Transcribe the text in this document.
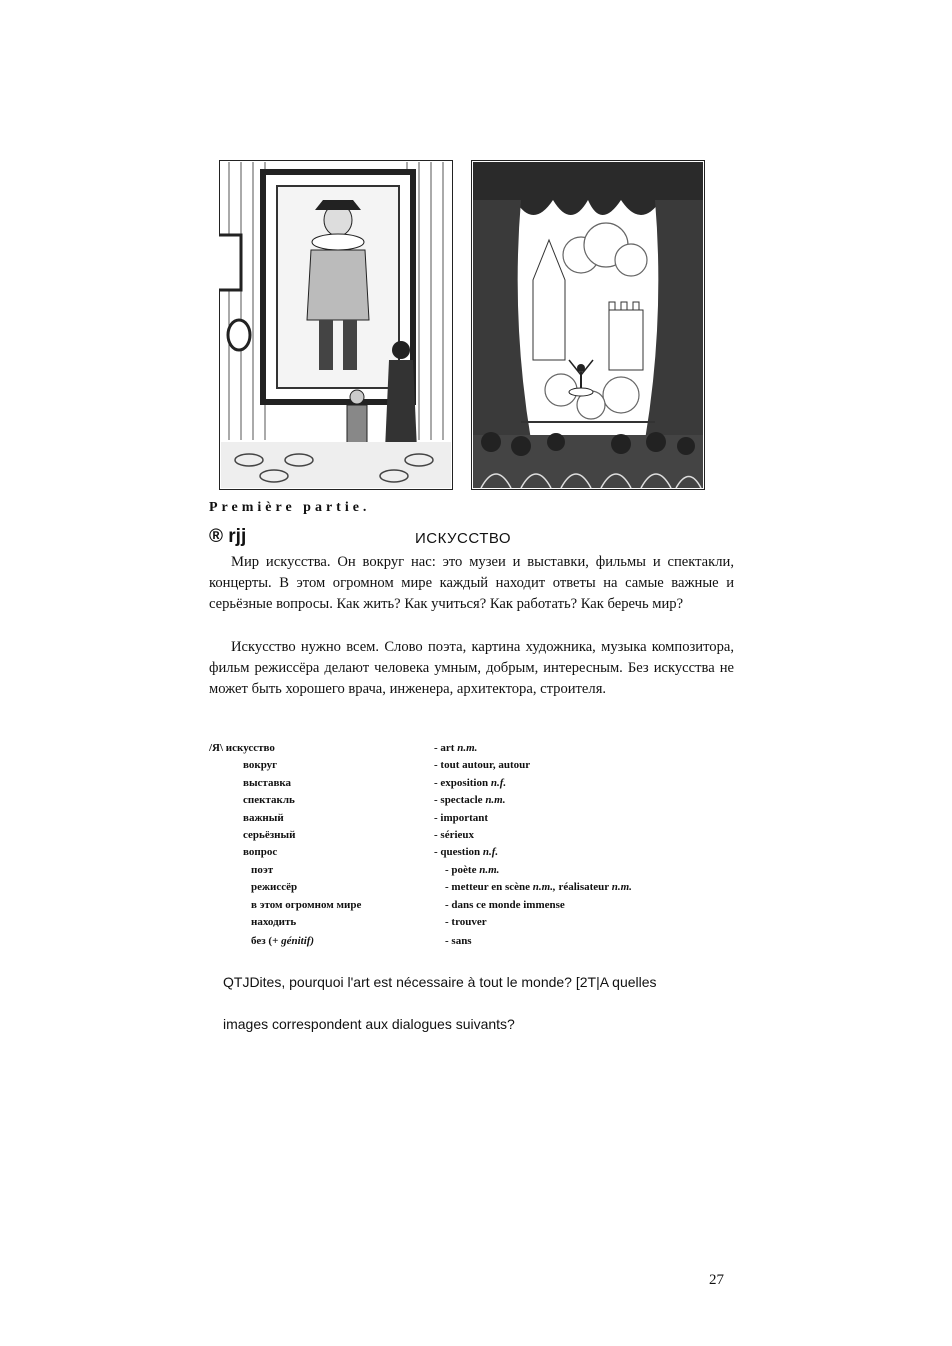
Première partie.
® rjj	ИСКУССТВО

Мир искусства. Он вокруг нас: это музеи и выставки, фильмы и спектакли, концерты. В этом огромном мире каждый находит ответы на самые важные и серьёзные вопросы. Как жить? Как учиться? Как работать? Как беречь мир?

Искусство нужно всем. Слово поэта, картина художника, музыка композитора, фильм режиссёра делают человека умным, добрым, интересным. Без искусства не может быть хорошего врача, инженера, архитектора, строителя.

/Я\ искусство	- art n.m.
вокруг	- tout autour, autour
выставка	- exposition n.f.
спектакль	- spectacle n.m.
важный	- important
серьёзный	- sérieux
вопрос	- question n.f.
поэт	- poète n.m.
режиссёр	- metteur en scène n.m., réalisateur n.m.
в этом огромном мире	- dans ce monde immense
находить	- trouver
без (+ génitif)	- sans
QTJDites, pourquoi l'art est nécessaire à tout le monde? [2T|A quelles
images correspondent aux dialogues suivants?
27
